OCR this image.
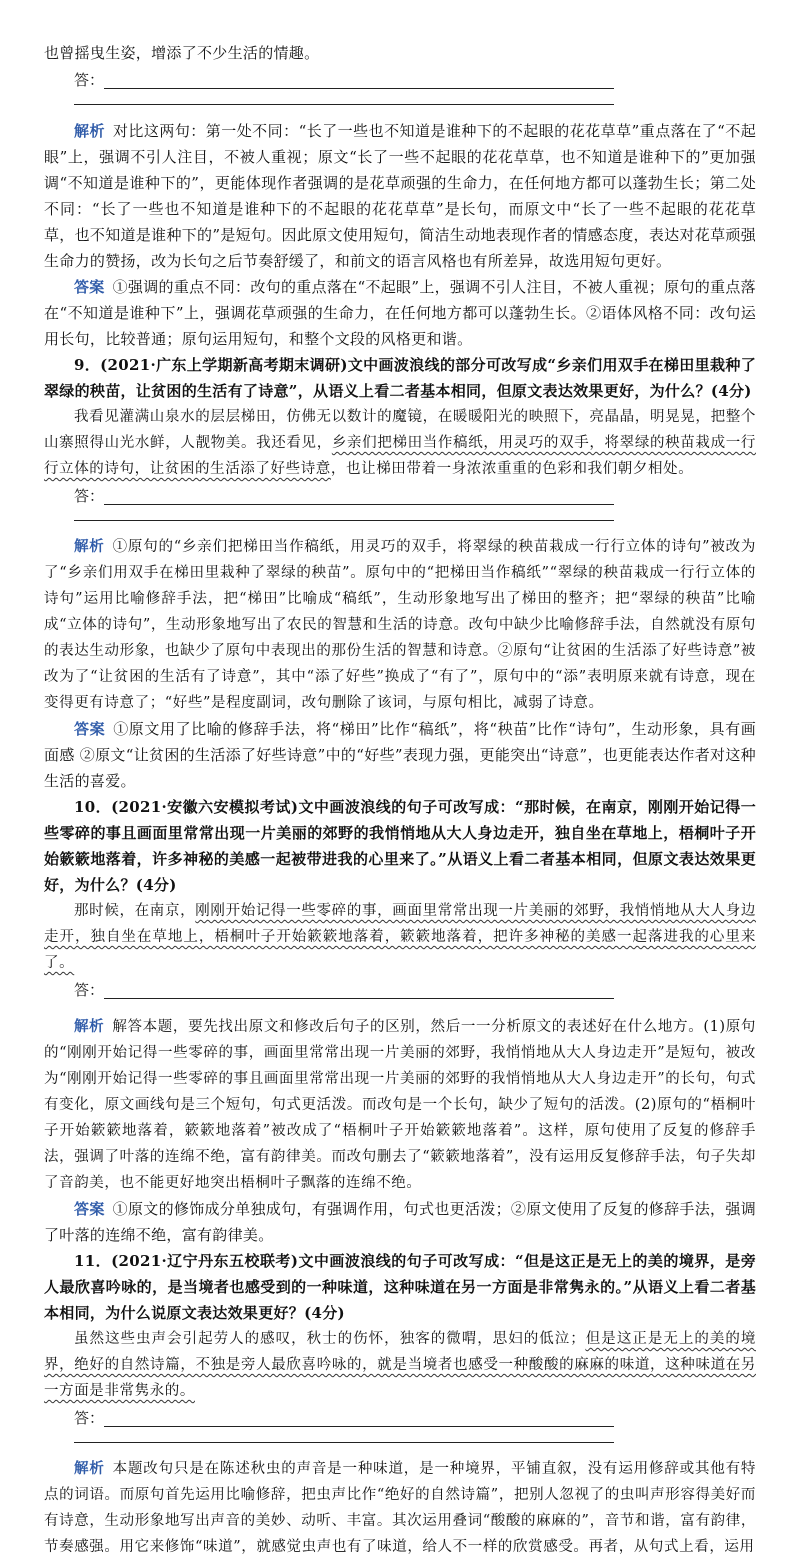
也曾摇曳生姿，增添了不少生活的情趣。

答：

解析 对比这两句：第一处不同：“长了一些也不知道是谁种下的不起眼的花花草草”重点落在了“不起眼”上，强调不引人注目，不被人重视；原文“长了一些不起眼的花花草草，也不知道是谁种下的”更加强调“不知道是谁种下的”，更能体现作者强调的是花草顽强的生命力，在任何地方都可以蓬勃生长；第二处不同：“长了一些也不知道是谁种下的不起眼的花花草草”是长句，而原文中“长了一些不起眼的花花草草，也不知道是谁种下的”是短句。因此原文使用短句，简洁生动地表现作者的情感态度，表达对花草顽强生命力的赞扬，改为长句之后节奏舒缓了，和前文的语言风格也有所差异，故选用短句更好。

答案 ①强调的重点不同：改句的重点落在“不起眼”上，强调不引人注目，不被人重视；原句的重点落在“不知道是谁种下”上，强调花草顽强的生命力，在任何地方都可以蓬勃生长。②语体风格不同：改句运用长句，比较普通；原句运用短句，和整个文段的风格更和谐。

9．(2021·广东上学期新高考期末调研)文中画波浪线的部分可改写成“乡亲们用双手在梯田里栽种了翠绿的秧苗，让贫困的生活有了诗意”，从语义上看二者基本相同，但原文表达效果更好，为什么？(4分)

我看见灌满山泉水的层层梯田，仿佛无以数计的魔镜，在暖暖阳光的映照下，亮晶晶，明晃晃，把整个山寨照得山光水鲜，人靓物美。我还看见，乡亲们把梯田当作稿纸，用灵巧的双手，将翠绿的秧苗栽成一行行立体的诗句，让贫困的生活添了好些诗意，也让梯田带着一身浓浓重重的色彩和我们朝夕相处。

答：

解析 ①原句的“乡亲们把梯田当作稿纸，用灵巧的双手，将翠绿的秧苗栽成一行行立体的诗句”被改为了“乡亲们用双手在梯田里栽种了翠绿的秧苗”。原句中的“把梯田当作稿纸”“翠绿的秧苗栽成一行行立体的诗句”运用比喻修辞手法，把“梯田”比喻成“稿纸”，生动形象地写出了梯田的整齐；把“翠绿的秧苗”比喻成“立体的诗句”，生动形象地写出了农民的智慧和生活的诗意。改句中缺少比喻修辞手法，自然就没有原句的表达生动形象，也缺少了原句中表现出的那份生活的智慧和诗意。②原句“让贫困的生活添了好些诗意”被改为了“让贫困的生活有了诗意”，其中“添了好些”换成了“有了”，原句中的“添”表明原来就有诗意，现在变得更有诗意了；“好些”是程度副词，改句删除了该词，与原句相比，减弱了诗意。

答案 ①原文用了比喻的修辞手法，将“梯田”比作“稿纸”，将“秧苗”比作“诗句”，生动形象，具有画面感 ②原文“让贫困的生活添了好些诗意”中的“好些”表现力强，更能突出“诗意”，也更能表达作者对这种生活的喜爱。

10．(2021·安徽六安模拟考试)文中画波浪线的句子可改写成：“那时候，在南京，刚刚开始记得一些零碎的事且画面里常常出现一片美丽的郊野的我悄悄地从大人身边走开，独自坐在草地上，梧桐叶子开始簌簌地落着，许多神秘的美感一起被带进我的心里来了。”从语义上看二者基本相同，但原文表达效果更好，为什么？(4分)

那时候，在南京，刚刚开始记得一些零碎的事，画面里常常出现一片美丽的郊野，我悄悄地从大人身边走开，独自坐在草地上，梧桐叶子开始簌簌地落着，簌簌地落着，把许多神秘的美感一起落进我的心里来了。

答：

解析 解答本题，要先找出原文和修改后句子的区别，然后一一分析原文的表述好在什么地方。(1)原句的“刚刚开始记得一些零碎的事，画面里常常出现一片美丽的郊野，我悄悄地从大人身边走开”是短句，被改为“刚刚开始记得一些零碎的事且画面里常常出现一片美丽的郊野的我悄悄地从大人身边走开”的长句，句式有变化，原文画线句是三个短句，句式更活泼。而改句是一个长句，缺少了短句的活泼。(2)原句的“梧桐叶子开始簌簌地落着，簌簌地落着”被改成了“梧桐叶子开始簌簌地落着”。这样，原句使用了反复的修辞手法，强调了叶落的连绵不绝，富有韵律美。而改句删去了“簌簌地落着”，没有运用反复修辞手法，句子失却了音韵美，也不能更好地突出梧桐叶子飘落的连绵不绝。

答案 ①原文的修饰成分单独成句，有强调作用，句式也更活泼；②原文使用了反复的修辞手法，强调了叶落的连绵不绝，富有韵律美。

11．(2021·辽宁丹东五校联考)文中画波浪线的句子可改写成：“但是这正是无上的美的境界，是旁人最欣喜吟咏的，是当境者也感受到的一种味道，这种味道在另一方面是非常隽永的。”从语义上看二者基本相同，为什么说原文表达效果更好？(4分)

虽然这些虫声会引起劳人的感叹，秋士的伤怀，独客的微喟，思妇的低泣；但是这正是无上的美的境界，绝好的自然诗篇，不独是旁人最欣喜吟咏的，就是当境者也感受一种酸酸的麻麻的味道，这种味道在另一方面是非常隽永的。

答：

解析 本题改句只是在陈述秋虫的声音是一种味道，是一种境界，平铺直叙，没有运用修辞或其他有特点的词语。而原句首先运用比喻修辞，把虫声比作“绝好的自然诗篇”，把别人忽视了的虫叫声形容得美好而有诗意，生动形象地写出声音的美妙、动听、丰富。其次运用叠词“酸酸的麻麻的”，音节和谐，富有韵律，节奏感强。用它来修饰“味道”，就感觉虫声也有了味道，给人不一样的欣赏感受。再者，从句式上看，运用
